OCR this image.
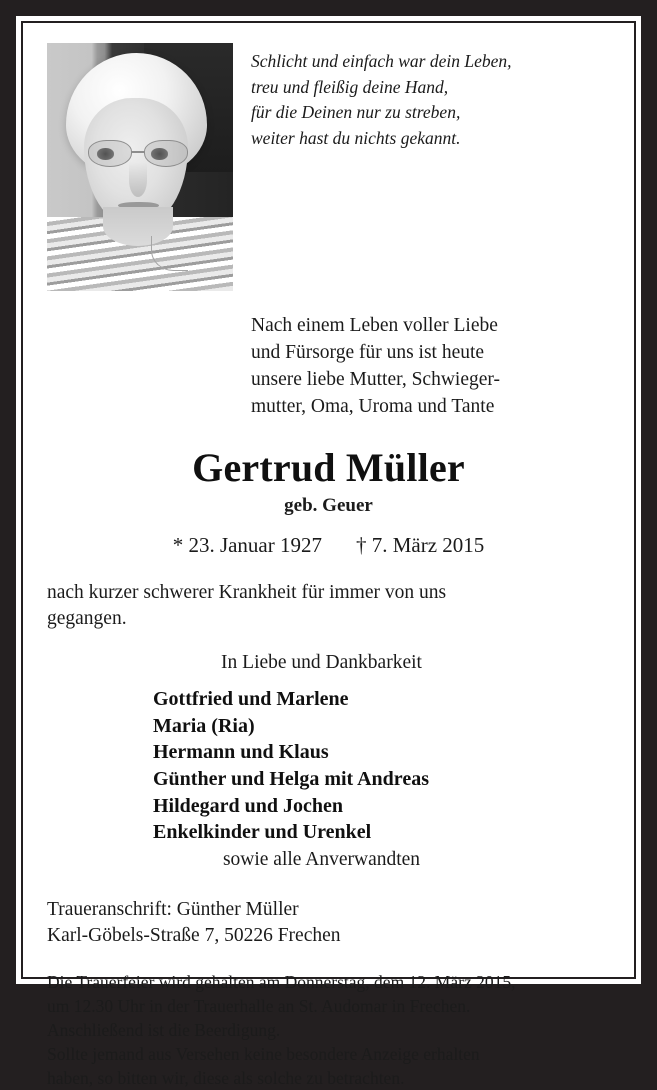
Schlicht und einfach war dein Leben,
treu und fleißig deine Hand,
für die Deinen nur zu streben,
weiter hast du nichts gekannt.
Nach einem Leben voller Liebe
und Fürsorge für uns ist heute
unsere liebe Mutter, Schwieger-
mutter, Oma, Uroma und Tante
Gertrud Müller
geb. Geuer
* 23. Januar 1927 † 7. März 2015
nach kurzer schwerer Krankheit für immer von uns
gegangen.
In Liebe und Dankbarkeit
Gottfried und Marlene
Maria (Ria)
Hermann und Klaus
Günther und Helga mit Andreas
Hildegard und Jochen
Enkelkinder und Urenkel
sowie alle Anverwandten
Traueranschrift: Günther Müller
Karl-Göbels-Straße 7, 50226 Frechen
Die Trauerfeier wird gehalten am Donnerstag, dem 12. März 2015,
um 12.30 Uhr in der Trauerhalle an St. Audomar in Frechen.
Anschließend ist die Beerdigung.
Sollte jemand aus Versehen keine besondere Anzeige erhalten
haben, so bitten wir, diese als solche zu betrachten.
